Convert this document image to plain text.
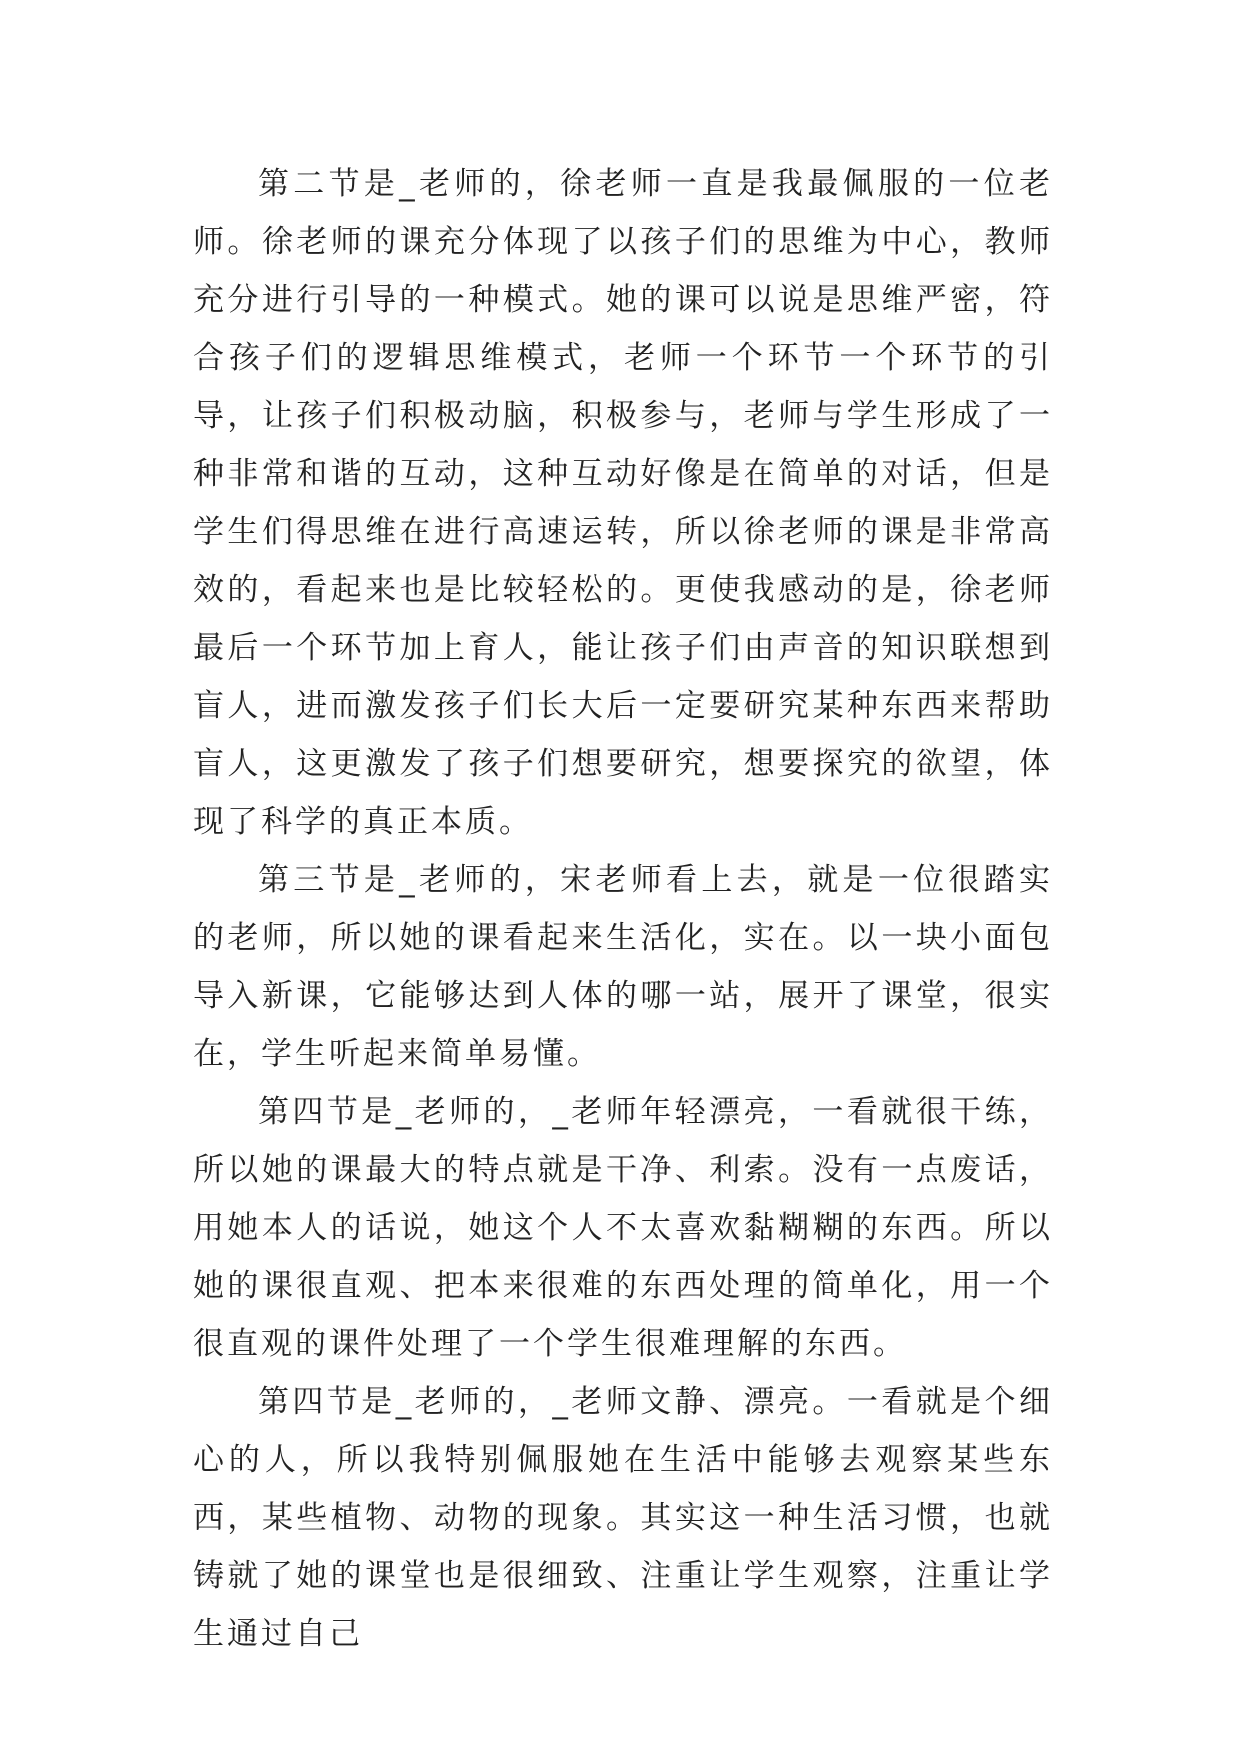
第二节是_老师的，徐老师一直是我最佩服的一位老师。徐老师的课充分体现了以孩子们的思维为中心，教师充分进行引导的一种模式。她的课可以说是思维严密，符合孩子们的逻辑思维模式，老师一个环节一个环节的引导，让孩子们积极动脑，积极参与，老师与学生形成了一种非常和谐的互动，这种互动好像是在简单的对话，但是学生们得思维在进行高速运转，所以徐老师的课是非常高效的，看起来也是比较轻松的。更使我感动的是，徐老师最后一个环节加上育人，能让孩子们由声音的知识联想到盲人，进而激发孩子们长大后一定要研究某种东西来帮助盲人，这更激发了孩子们想要研究，想要探究的欲望，体现了科学的真正本质。

第三节是_老师的，宋老师看上去，就是一位很踏实的老师，所以她的课看起来生活化，实在。以一块小面包导入新课，它能够达到人体的哪一站，展开了课堂，很实在，学生听起来简单易懂。

第四节是_老师的，_老师年轻漂亮，一看就很干练，所以她的课最大的特点就是干净、利索。没有一点废话，用她本人的话说，她这个人不太喜欢黏糊糊的东西。所以她的课很直观、把本来很难的东西处理的简单化，用一个很直观的课件处理了一个学生很难理解的东西。

第四节是_老师的，_老师文静、漂亮。一看就是个细心的人，所以我特别佩服她在生活中能够去观察某些东西，某些植物、动物的现象。其实这一种生活习惯，也就铸就了她的课堂也是很细致、注重让学生观察，注重让学生通过自己
